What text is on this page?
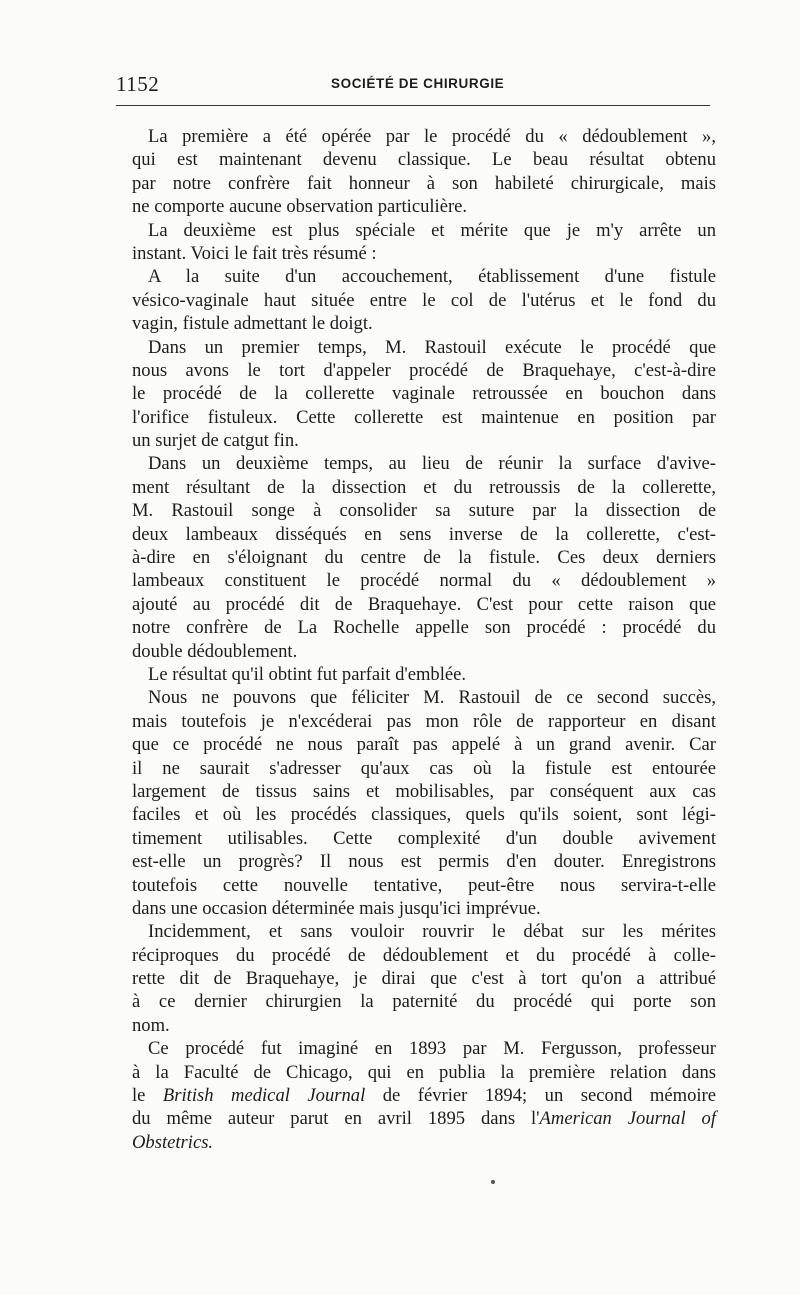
1152	SOCIÉTÉ DE CHIRURGIE
La première a été opérée par le procédé du « dédoublement »,
qui est maintenant devenu classique. Le beau résultat obtenu
par notre confrère fait honneur à son habileté chirurgicale, mais
ne comporte aucune observation particulière.
La deuxième est plus spéciale et mérite que je m'y arrête un
instant. Voici le fait très résumé :
A la suite d'un accouchement, établissement d'une fistule
vésico-vaginale haut située entre le col de l'utérus et le fond du
vagin, fistule admettant le doigt.
Dans un premier temps, M. Rastouil exécute le procédé que
nous avons le tort d'appeler procédé de Braquehaye, c'est-à-dire
le procédé de la collerette vaginale retroussée en bouchon dans
l'orifice fistuleux. Cette collerette est maintenue en position par
un surjet de catgut fin.
Dans un deuxième temps, au lieu de réunir la surface d'avive-
ment résultant de la dissection et du retroussis de la collerette,
M. Rastouil songe à consolider sa suture par la dissection de
deux lambeaux disséqués en sens inverse de la collerette, c'est-
à-dire en s'éloignant du centre de la fistule. Ces deux derniers
lambeaux constituent le procédé normal du « dédoublement »
ajouté au procédé dit de Braquehaye. C'est pour cette raison que
notre confrère de La Rochelle appelle son procédé : procédé du
double dédoublement.
Le résultat qu'il obtint fut parfait d'emblée.
Nous ne pouvons que féliciter M. Rastouil de ce second succès,
mais toutefois je n'excéderai pas mon rôle de rapporteur en disant
que ce procédé ne nous paraît pas appelé à un grand avenir. Car
il ne saurait s'adresser qu'aux cas où la fistule est entourée
largement de tissus sains et mobilisables, par conséquent aux cas
faciles et où les procédés classiques, quels qu'ils soient, sont légi-
timement utilisables. Cette complexité d'un double avivement
est-elle un progrès? Il nous est permis d'en douter. Enregistrons
toutefois cette nouvelle tentative, peut-être nous servira-t-elle
dans une occasion déterminée mais jusqu'ici imprévue.
Incidemment, et sans vouloir rouvrir le débat sur les mérites
réciproques du procédé de dédoublement et du procédé à colle-
rette dit de Braquehaye, je dirai que c'est à tort qu'on a attribué
à ce dernier chirurgien la paternité du procédé qui porte son
nom.
Ce procédé fut imaginé en 1893 par M. Fergusson, professeur
à la Faculté de Chicago, qui en publia la première relation dans
le British medical Journal de février 1894; un second mémoire
du même auteur parut en avril 1895 dans l'American Journal of
Obstetrics.
